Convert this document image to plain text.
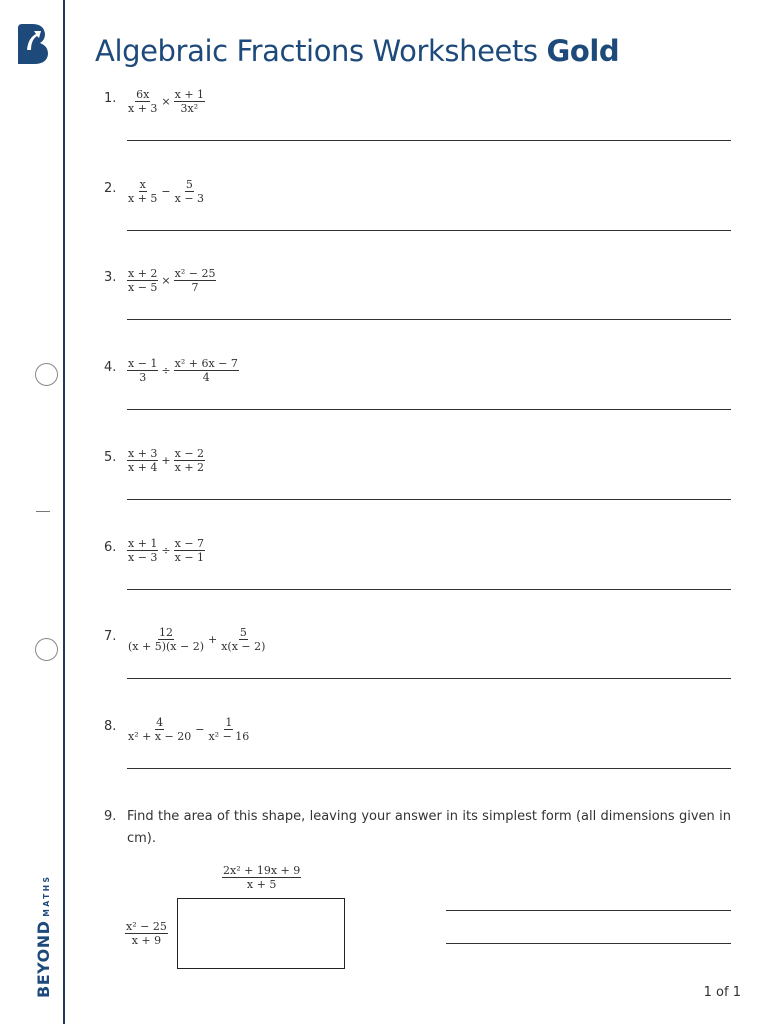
BEYOND
MATHS
Algebraic Fractions Worksheets Gold
1. $\frac{6x}{x + 3} \times \frac{x + 1}{\text{3x²}}$
2. $\frac{x}{x + 5} - \frac{5}{x - 3}$
3. $\frac{x + 2}{x - 5} \times \frac{\text{x² − 25}}{7}$
4. $\frac{x - 1}{3} \div \frac{\text{x² + 6x − 7}}{4}$
5. $\frac{x + 3}{x + 4} + \frac{x - 2}{x + 2}$
6. $\frac{x + 1}{x - 3} \div \frac{x - 7}{x - 1}$
7. $\frac{12}{(x + 5)(x - 2)} + \frac{5}{x(x - 2)}$
8. $\frac{4}{\text{x² + x − 20}} - \frac{1}{\text{x² − 16}}$
9. Find the area of this shape, leaving your answer in its simplest form (all dimensions given in cm).
$\frac{\text{2x² + 19x + 9}}{x + 5}$
$\frac{\text{x² − 25}}{x + 9}$
1 of 1
